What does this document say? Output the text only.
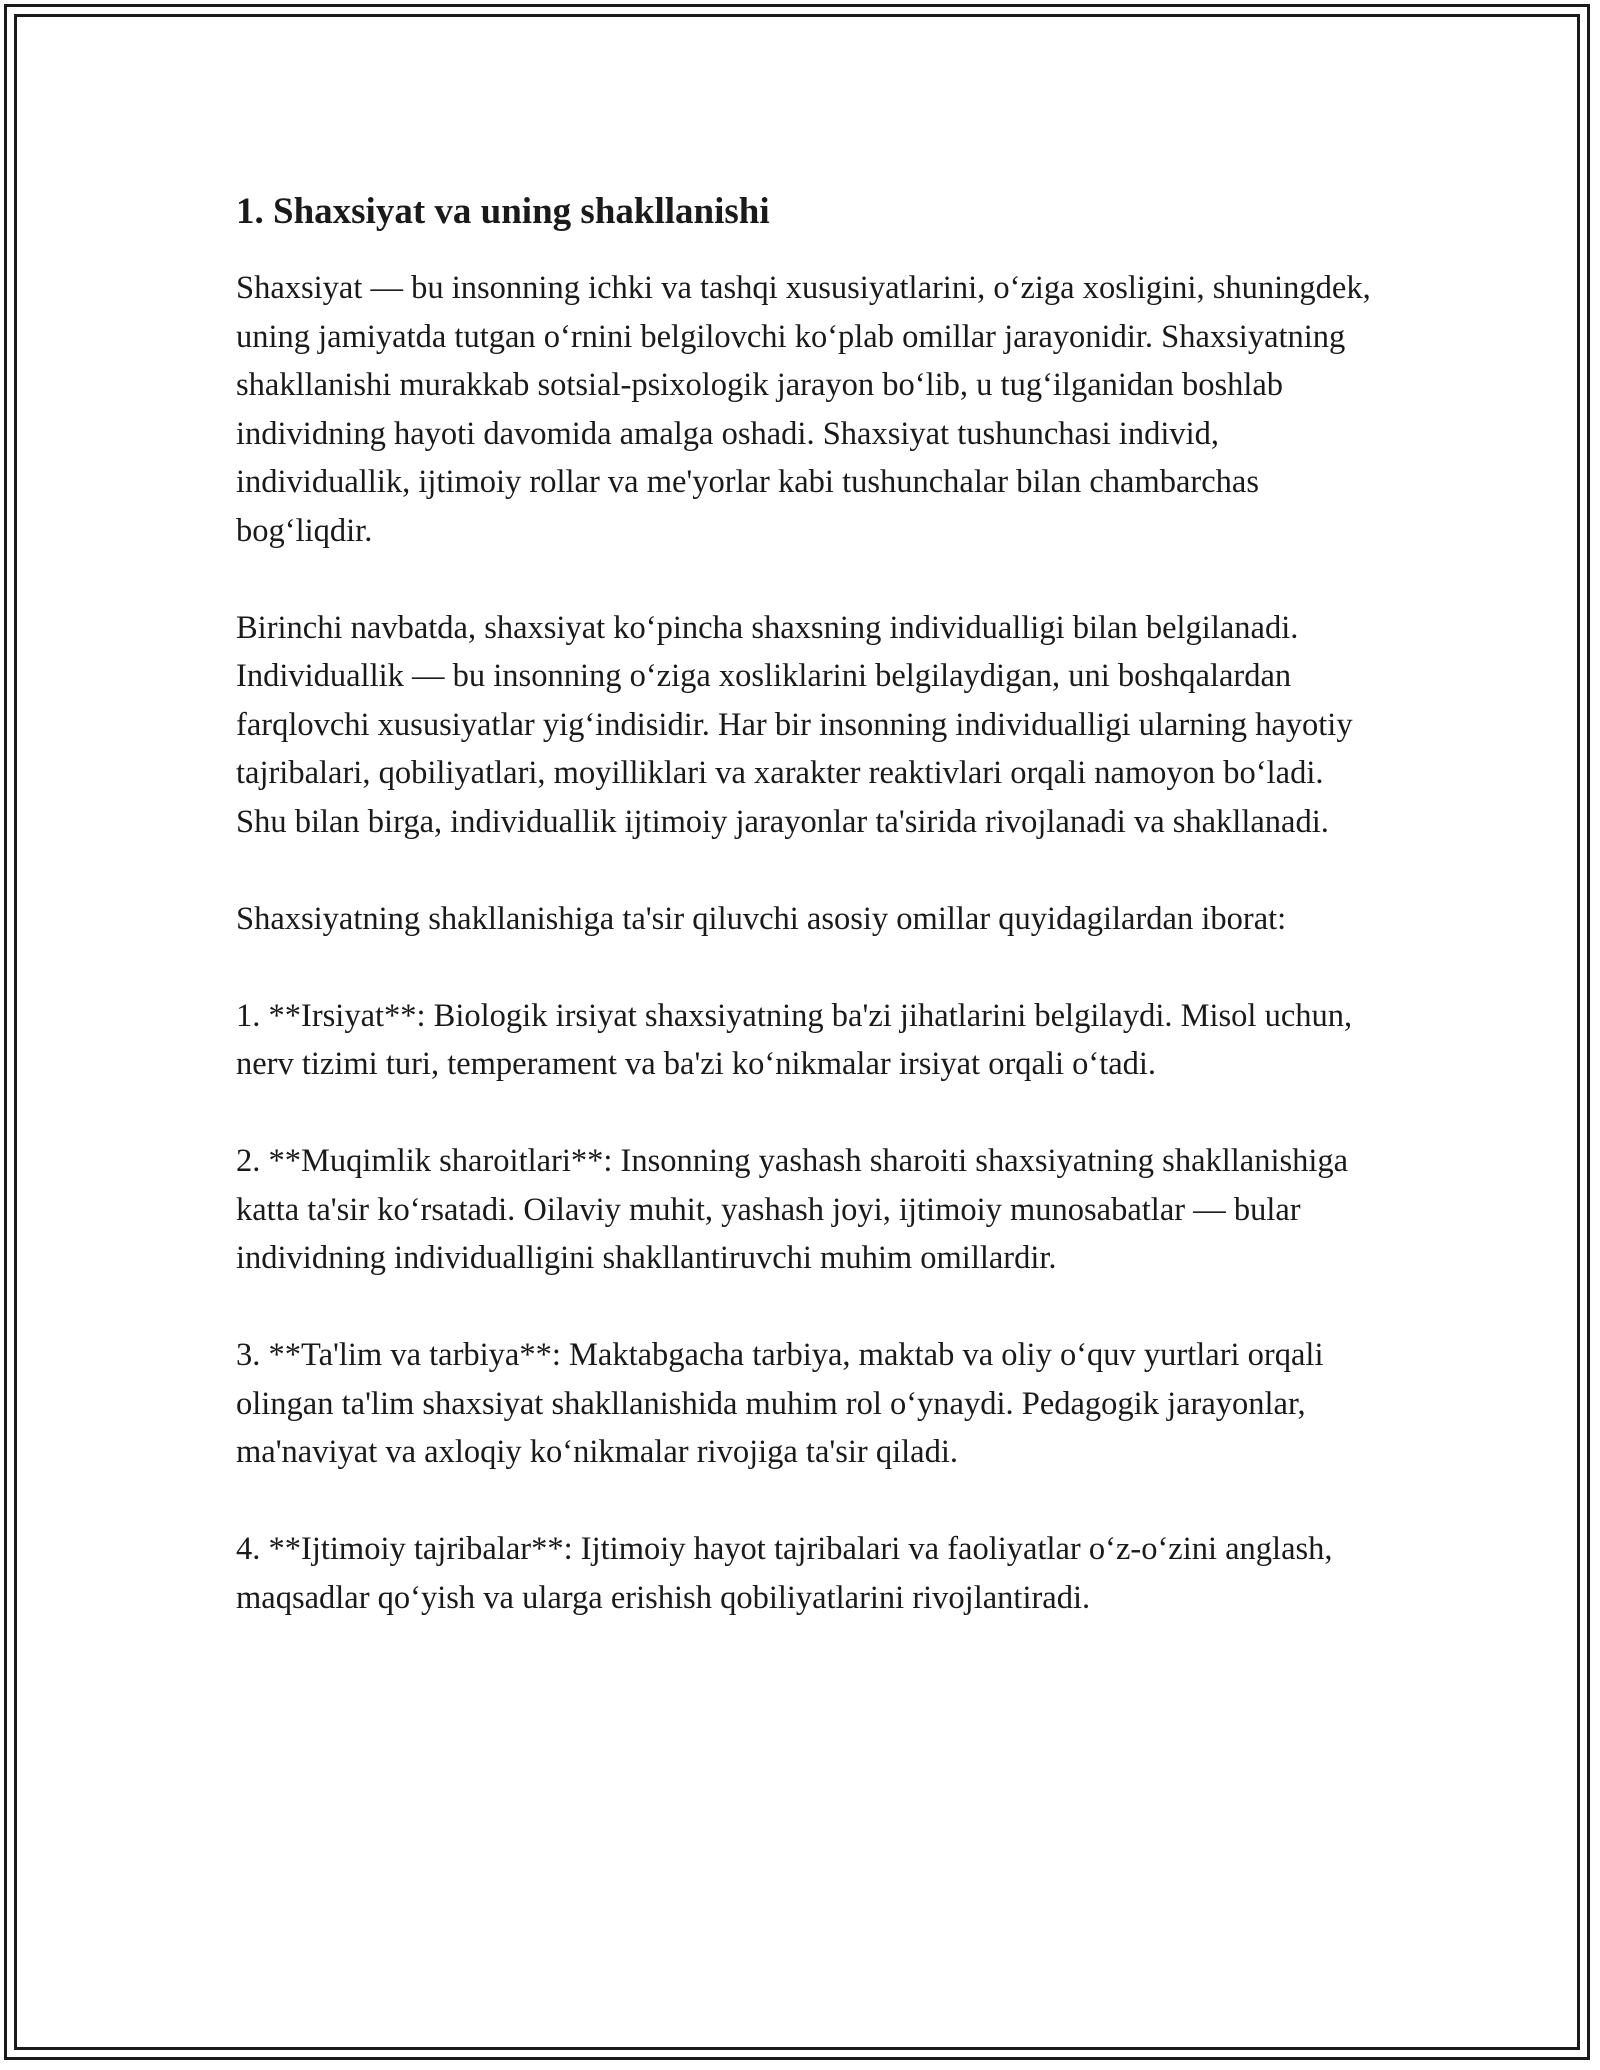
1. Shaxsiyat va uning shakllanishi

Shaxsiyat — bu insonning ichki va tashqi xususiyatlarini, o‘ziga xosligini, shuningdek, uning jamiyatda tutgan o‘rnini belgilovchi ko‘plab omillar jarayonidir. Shaxsiyatning shakllanishi murakkab sotsial-psixologik jarayon bo‘lib, u tug‘ilganidan boshlab individning hayoti davomida amalga oshadi. Shaxsiyat tushunchasi individ, individuallik, ijtimoiy rollar va me'yorlar kabi tushunchalar bilan chambarchas bog‘liqdir.

Birinchi navbatda, shaxsiyat ko‘pincha shaxsning individualligi bilan belgilanadi. Individuallik — bu insonning o‘ziga xosliklarini belgilaydigan, uni boshqalardan farqlovchi xususiyatlar yig‘indisidir. Har bir insonning individualligi ularning hayotiy tajribalari, qobiliyatlari, moyilliklari va xarakter reaktivlari orqali namoyon bo‘ladi. Shu bilan birga, individuallik ijtimoiy jarayonlar ta'sirida rivojlanadi va shakllanadi.

Shaxsiyatning shakllanishiga ta'sir qiluvchi asosiy omillar quyidagilardan iborat:

1. **Irsiyat**: Biologik irsiyat shaxsiyatning ba'zi jihatlarini belgilaydi. Misol uchun, nerv tizimi turi, temperament va ba'zi ko‘nikmalar irsiyat orqali o‘tadi.

2. **Muqimlik sharoitlari**: Insonning yashash sharoiti shaxsiyatning shakllanishiga katta ta'sir ko‘rsatadi. Oilaviy muhit, yashash joyi, ijtimoiy munosabatlar — bular individning individualligini shakllantiruvchi muhim omillardir.

3. **Ta'lim va tarbiya**: Maktabgacha tarbiya, maktab va oliy o‘quv yurtlari orqali olingan ta'lim shaxsiyat shakllanishida muhim rol o‘ynaydi. Pedagogik jarayonlar, ma'naviyat va axloqiy ko‘nikmalar rivojiga ta'sir qiladi.

4. **Ijtimoiy tajribalar**: Ijtimoiy hayot tajribalari va faoliyatlar o‘z-o‘zini anglash, maqsadlar qo‘yish va ularga erishish qobiliyatlarini rivojlantiradi.
